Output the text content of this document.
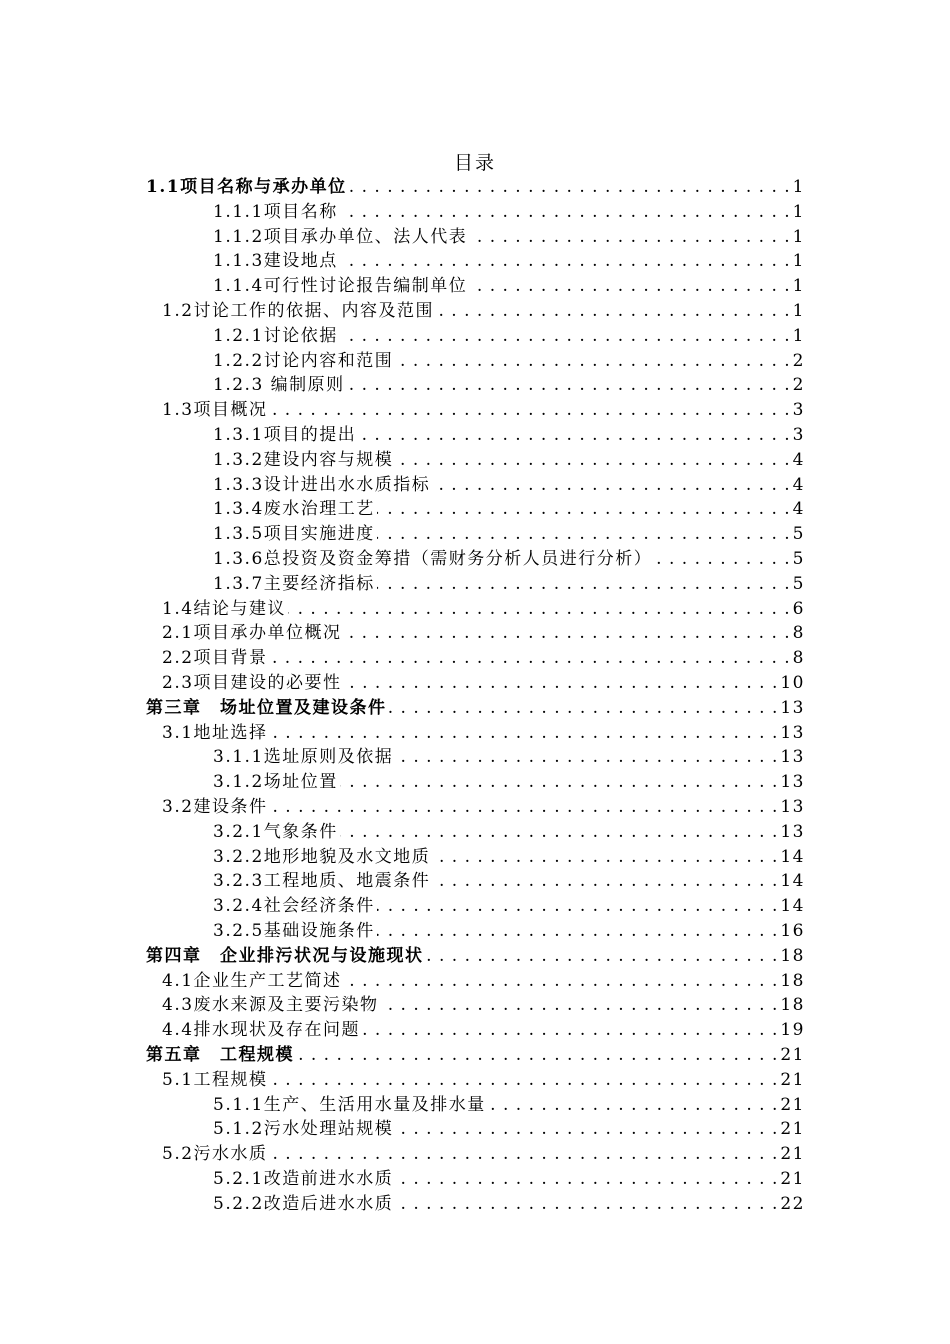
目录
1.1项目名称与承办单位 . . .	1
1.1.1项目名称 . . .	1
1.1.2项目承办单位、法人代表 . . .	1
1.1.3建设地点 . . .	1
1.1.4可行性讨论报告编制单位 . . .	1
1.2讨论工作的依据、内容及范围 . . .	1
1.2.1讨论依据 . . .	1
1.2.2讨论内容和范围 . . .	2
1.2.3 编制原则 . . .	2
1.3项目概况 . . .	3
1.3.1项目的提出 . . .	3
1.3.2建设内容与规模 . . .	4
1.3.3设计进出水水质指标 . . .	4
1.3.4废水治理工艺 . . .	4
1.3.5项目实施进度 . . .	5
1.3.6总投资及资金筹措（需财务分析人员进行分析） . . .	5
1.3.7主要经济指标 . . .	5
1.4结论与建议 . . .	6
2.1项目承办单位概况 . . .	8
2.2项目背景 . . .	8
2.3项目建设的必要性 . . .	10
第三章　场址位置及建设条件 . . .	13
3.1地址选择 . . .	13
3.1.1选址原则及依据 . . .	13
3.1.2场址位置 . . .	13
3.2建设条件 . . .	13
3.2.1气象条件 . . .	13
3.2.2地形地貌及水文地质 . . .	14
3.2.3工程地质、地震条件 . . .	14
3.2.4社会经济条件 . . .	14
3.2.5基础设施条件 . . .	16
第四章　企业排污状况与设施现状 . . .	18
4.1企业生产工艺简述 . . .	18
4.3废水来源及主要污染物 . . .	18
4.4排水现状及存在问题 . . .	19
第五章　工程规模 . . .	21
5.1工程规模 . . .	21
5.1.1生产、生活用水量及排水量 . . .	21
5.1.2污水处理站规模 . . .	21
5.2污水水质 . . .	21
5.2.1改造前进水水质 . . .	21
5.2.2改造后进水水质 . . .	22
